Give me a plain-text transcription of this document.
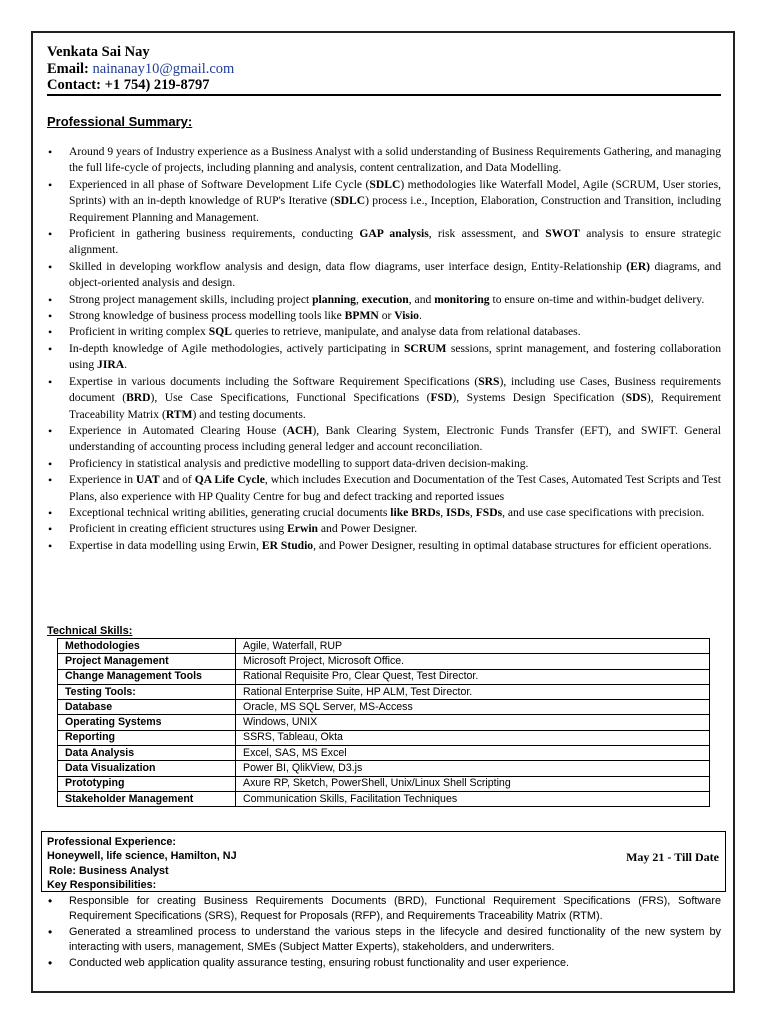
Venkata Sai Nay
Email: nainanay10@gmail.com
Contact: +1 754) 219-8797
Professional Summary:
• Around 9 years of Industry experience as a Business Analyst with a solid understanding of Business Requirements Gathering, and managing the full life-cycle of projects, including planning and analysis, content centralization, and Data Modelling.
• Experienced in all phase of Software Development Life Cycle (SDLC) methodologies like Waterfall Model, Agile (SCRUM, User stories, Sprints) with an in-depth knowledge of RUP's Iterative (SDLC) process i.e., Inception, Elaboration, Construction and Transition, including Requirement Planning and Management.
• Proficient in gathering business requirements, conducting GAP analysis, risk assessment, and SWOT analysis to ensure strategic alignment.
• Skilled in developing workflow analysis and design, data flow diagrams, user interface design, Entity-Relationship (ER) diagrams, and object-oriented analysis and design.
• Strong project management skills, including project planning, execution, and monitoring to ensure on-time and within-budget delivery.
• Strong knowledge of business process modelling tools like BPMN or Visio.
• Proficient in writing complex SQL queries to retrieve, manipulate, and analyse data from relational databases.
• In-depth knowledge of Agile methodologies, actively participating in SCRUM sessions, sprint management, and fostering collaboration using JIRA.
• Expertise in various documents including the Software Requirement Specifications (SRS), including use Cases, Business requirements document (BRD), Use Case Specifications, Functional Specifications (FSD), Systems Design Specification (SDS), Requirement Traceability Matrix (RTM) and testing documents.
• Experience in Automated Clearing House (ACH), Bank Clearing System, Electronic Funds Transfer (EFT), and SWIFT. General understanding of accounting process including general ledger and account reconciliation.
• Proficiency in statistical analysis and predictive modelling to support data-driven decision-making.
• Experience in UAT and of QA Life Cycle, which includes Execution and Documentation of the Test Cases, Automated Test Scripts and Test Plans, also experience with HP Quality Centre for bug and defect tracking and reported issues
• Exceptional technical writing abilities, generating crucial documents like BRDs, ISDs, FSDs, and use case specifications with precision.
• Proficient in creating efficient structures using Erwin and Power Designer.
• Expertise in data modelling using Erwin, ER Studio, and Power Designer, resulting in optimal database structures for efficient operations.
Technical Skills:
Methodologies	Agile, Waterfall, RUP
Project Management	Microsoft Project, Microsoft Office.
Change Management Tools	Rational Requisite Pro, Clear Quest, Test Director.
Testing Tools:	Rational Enterprise Suite, HP ALM, Test Director.
Database	Oracle, MS SQL Server, MS-Access
Operating Systems	Windows, UNIX
Reporting	SSRS, Tableau, Okta
Data Analysis	Excel, SAS, MS Excel
Data Visualization	Power BI, QlikView, D3.js
Prototyping	Axure RP, Sketch, PowerShell, Unix/Linux Shell Scripting
Stakeholder Management	Communication Skills, Facilitation Techniques
Professional Experience:
Honeywell, life science, Hamilton, NJ
Role: Business Analyst
Key Responsibilities:
May 21 - Till Date
• Responsible for creating Business Requirements Documents (BRD), Functional Requirement Specifications (FRS), Software Requirement Specifications (SRS), Request for Proposals (RFP), and Requirements Traceability Matrix (RTM).
• Generated a streamlined process to understand the various steps in the lifecycle and desired functionality of the new system by interacting with users, management, SMEs (Subject Matter Experts), stakeholders, and underwriters.
• Conducted web application quality assurance testing, ensuring robust functionality and user experience.
